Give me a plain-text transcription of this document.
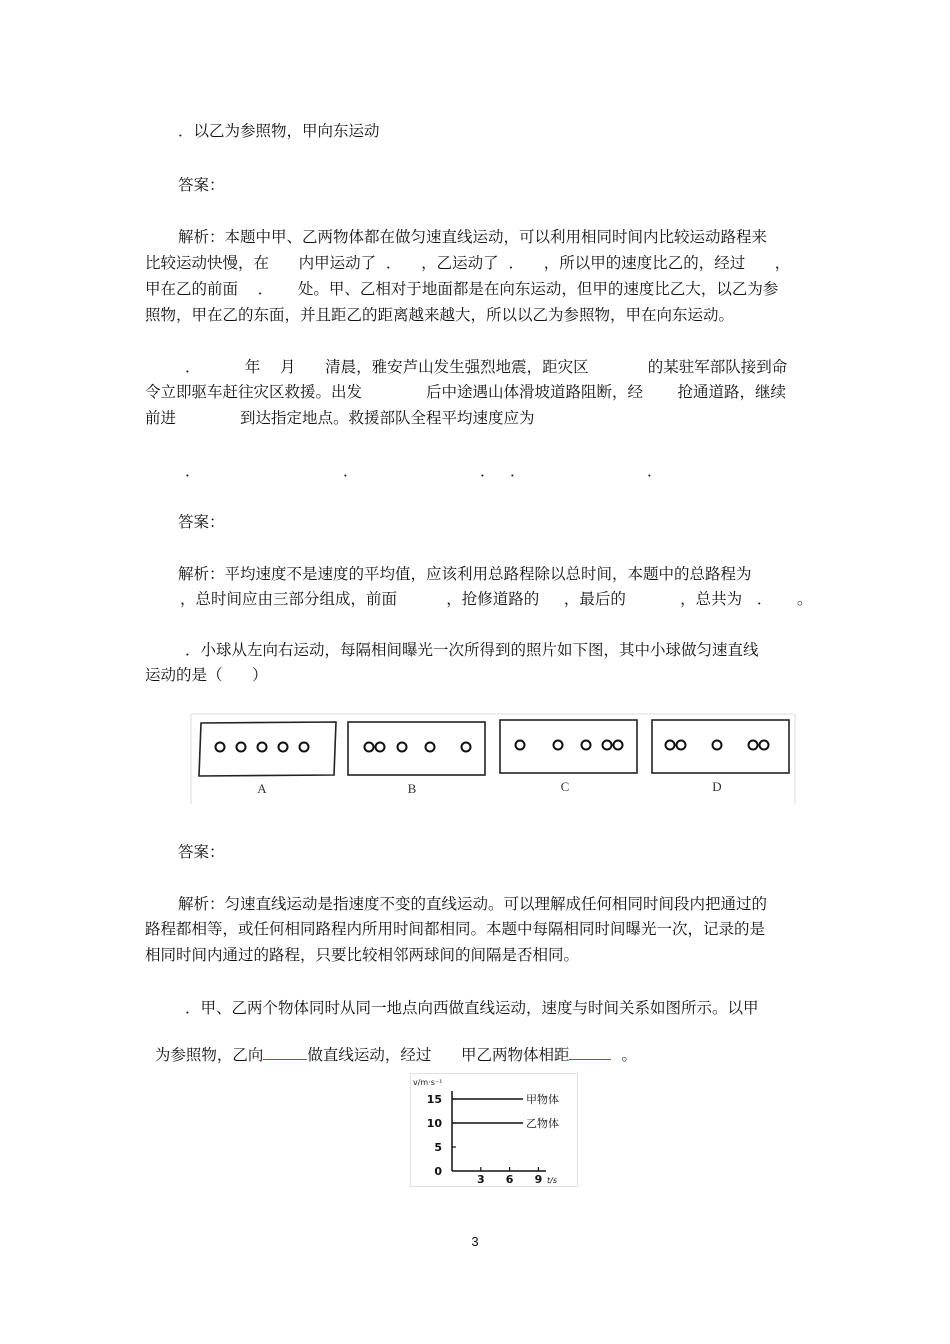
．以乙为参照物，甲向东运动
答案：
解析：本题中甲、乙两物体都在做匀速直线运动，可以利用相同时间内比较运动路程来
比较运动快慢，在      内甲运动了  ．    ，乙运动了  ．    ，所以甲的速度比乙的，经过      ，
甲在乙的前面    ．     处。甲、乙相对于地面都是在向东运动，但甲的速度比乙大，以乙为参
照物，甲在乙的东面，并且距乙的距离越来越大，所以以乙为参照物，甲在向东运动。
．         年    月      清晨，雅安芦山发生强烈地震，距灾区            的某驻军部队接到命
令立即驱车赶往灾区救援。出发             后中途遇山体滑坡道路阻断，经       抢通道路，继续
前进             到达指定地点。救援部队全程平均速度应为
．	．	． ．	．
答案：
解析：平均速度不是速度的平均值，应该利用总路程除以总时间，本题中的总路程为
，总时间应由三部分组成，前面          ，抢修道路的     ，最后的           ，总共为   ．     。
．小球从左向右运动，每隔相间曝光一次所得到的照片如下图，其中小球做匀速直线
运动的是（      ）
A	B	C	D
答案：
解析：匀速直线运动是指速度不变的直线运动。可以理解成任何相同时间段内把通过的
路程都相等，或任何相同路程内所用时间都相同。本题中每隔相同时间曝光一次，记录的是
相同时间内通过的路程，只要比较相邻两球间的间隔是否相同。
．甲、乙两个物体同时从同一地点向西做直线运动，速度与时间关系如图所示。以甲

为参照物，乙向	做直线运动，经过      甲乙两物体相距	。

v/m·s⁻¹
t/s
15
10
5
0
3 6 9
甲物体
乙物体
3
